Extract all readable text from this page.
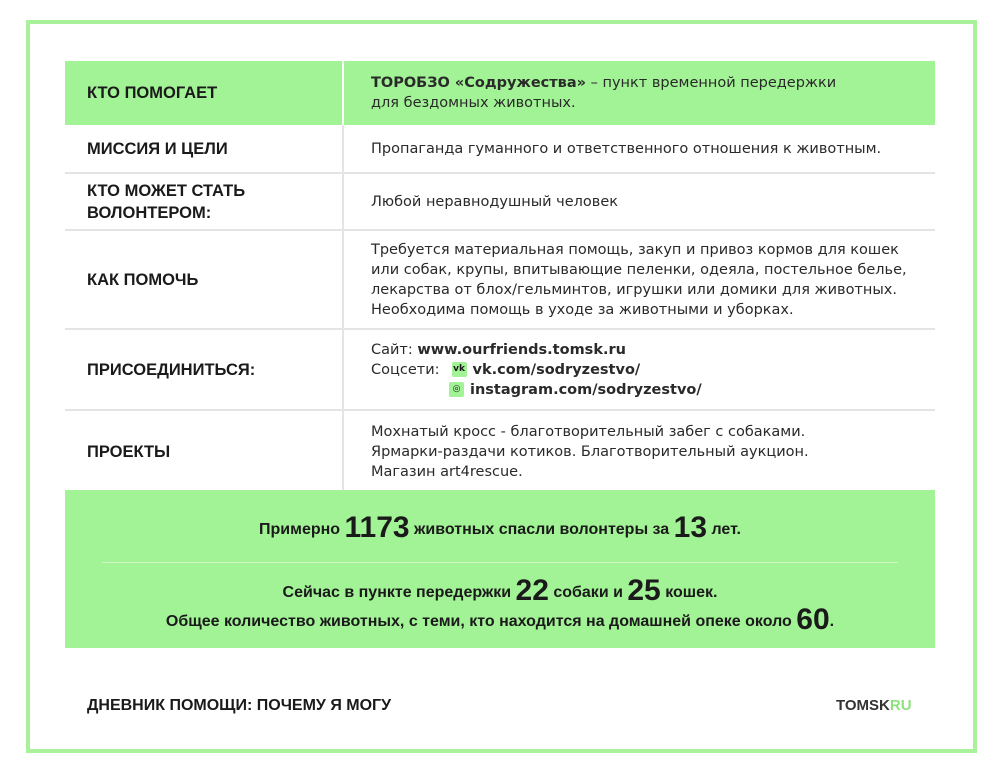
КТО ПОМОГАЕТ
ТОРОБЗО «Содружества» – пункт временной передержки
для бездомных животных.
МИССИЯ И ЦЕЛИ	Пропаганда гуманного и ответственного отношения к животным.
КТО МОЖЕТ СТАТЬ
ВОЛОНТЕРОМ:
Любой неравнодушный человек
КАК ПОМОЧЬ
Требуется материальная помощь, закуп и привоз кормов для кошек
или собак, крупы, впитывающие пеленки, одеяла, постельное белье,
лекарства от блох/гельминтов, игрушки или домики для животных.
Необходима помощь в уходе за животными и уборках.
ПРИСОЕДИНИТЬСЯ:
Сайт: www.ourfriends.tomsk.ru
Соцсети: vk vk.com/sodryzestvo/
◎ instagram.com/sodryzestvo/
ПРОЕКТЫ
Мохнатый кросс - благотворительный забег с собаками.
Ярмарки-раздачи котиков. Благотворительный аукцион.
Магазин art4rescue.
Примерно 1173 животных спасли волонтеры за 13 лет.
Сейчас в пункте передержки 22 собаки и 25 кошек.
Общее количество животных, с теми, кто находится на домашней опеке около 60.
ДНЕВНИК ПОМОЩИ: ПОЧЕМУ Я МОГУ	TOMSKRU
